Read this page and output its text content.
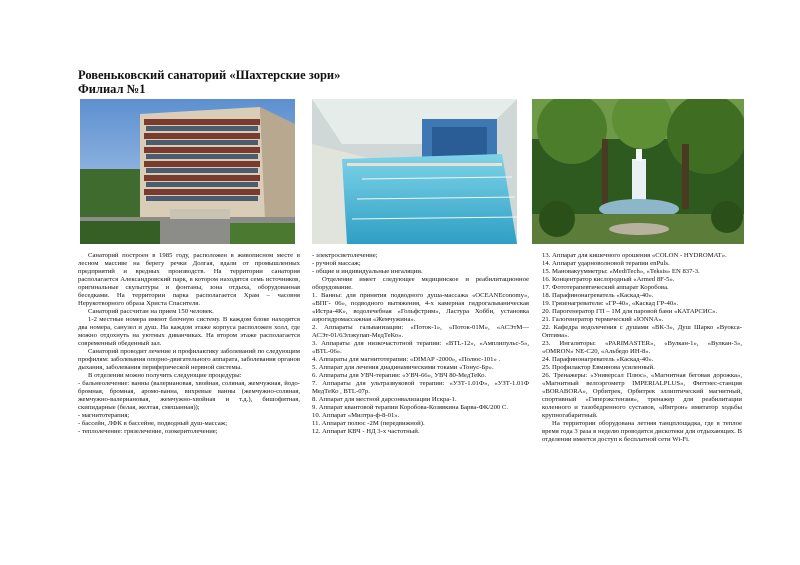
Ровеньковский санаторий «Шахтерские зори»
Филиал №1

Санаторий построен в 1985 году, расположен в живописном месте в лесном массиве на берегу речки Долгая, вдали от промышленных предприятий и вредных производств. На территории санатория располагается Александровский парк, в котором находятся семь источников, оригинальные скульптуры и фонтаны, зона отдыха, оборудованная беседками. На территории парка располагается Храм – часовня Нерукотворного образа Христа Спасителя.

Санаторий рассчитан на прием 150 человек.

1-2 местные номера имеют блочную систему. В каждом блоке находятся два номера, санузел и душ. На каждом этаже корпуса расположен холл, где можно отдохнуть на уютных диванчиках. На втором этаже располагается современный обеденный зал.

Санаторий проводит лечение и профилактику заболеваний по следующим профилям: заболевания опорно-двигательного аппарата, заболевания органов дыхания, заболевания периферической нервной системы.

В отделении можно получить следующие процедуры:

- бальнеолечение: ванны (валериановая, хвойная, соляная, жемчужная, йодо-бромная, бромная, аромо-ванна, вихревые ванны (жемчужно-соляная, жемчужно-валериановая, жемчужно-хвойная и т.д.), бишофитная, скипидарные (белая, желтая, смешанная));

- магнитотерапия;

- бассейн, ЛФК в бассейне, подводный душ-массаж;

- теплолечение: грязелечение, озокеритолечение;

- электросветолечение;

- ручной массаж;

- общие и индивидуальные ингаляции.

Отделение имеет следующее медицинское и реабилитационное оборудование.

1. Ванны: для принятия подводного душа-массажа «OCEANEconomy», «ВПГ- 06», подводного вытяжения, 4-х камерная гидрогальваническая «Истра-4К», водолечебная «Гольфстрим», Ластура Хобби, установка аэрогидромассажная «Жемчужина».

2. Аппараты гальванизации: «Поток-1», «Поток-01М», «АСЭтМ—АСЭт-01/6Элэкупап-МедТеКо».

3. Аппараты для низкочастотной терапии: «ВТL-12», «Амплипульс-5», «ВТL-06».

4. Аппараты для магнитотерапии: «DIMAP -2000», «Полюс-101» .

5. Аппарат для лечения диадинамическими токами «Тонус-Бр».

6. Аппараты для УВЧ-терапии: «УВЧ-66», УВЧ 80-МедТеКо.

7. Аппараты для ультразвуковой терапии: «УЗТ-1.01Ф», «УЗТ-1.01Ф МедТеКо , ВТL-07р.

8. Аппарат для местной дарсонвализации Искра-1.

9. Аппарат квантовой терапии Коробова-Козявкина Барва-ФК/200 С.

10. Аппарат «Милтра-ф-8-01».

11. Аппарат полюс -2М (передвижной).

12. Аппарат КВЧ - НД 3-х частотный.

13. Аппарат для кишечного орошения «COLON - HYDROMAT».

14. Аппарат ударноволновой терапии enPuls.

15. Мановакуумметры: «MediTech», «Teksis» EN 837-3.

16. Концентратор кислородный «Armed 8F-5».

17. Фототерапевтический аппарат Коробова.

18. Парафинонагреватель «Каскад-40».

19. Грязенагреватели: «ГР-40», «Каскад ГР-40».

20. Парогенератор ГП – 1М для паровой бани «КАТАРСИС».

21. Галогенератор термический «IONNA».

22. Кафедра водолечения с душами «ВК-3», Душ Шарко «Вуокса-Оптима».

23. Ингаляторы: «PARIMASTER», «Вулкан-1», «Вулкан-3», «OMRON» NE-C20, «Альбедо ИН-8».

24. Парафинонагреватель «Каскад-40».

25. Профилактор Евминова усиленный.

26. Тренажеры: «Универсал Плюс», «Магнитная беговая дорожка», «Магнитный велоэргометр IMPERIALPLUS», Фиттнес-станция «BORABORA», Орбитрек, Орбитрек эллиптический магнитный, спортивный «Гиперэкстензия», тренажер для реабилитации коленного и тазобедренного суставов, «Имтрон» имитатор ходьбы крупногабаритный.

На территории оборудована летняя танцплощадка, где в теплое время года 3 раза в неделю проводятся дискотеки для отдыхающих. В отделении имеется доступ к бесплатной сети Wi-Fi.
